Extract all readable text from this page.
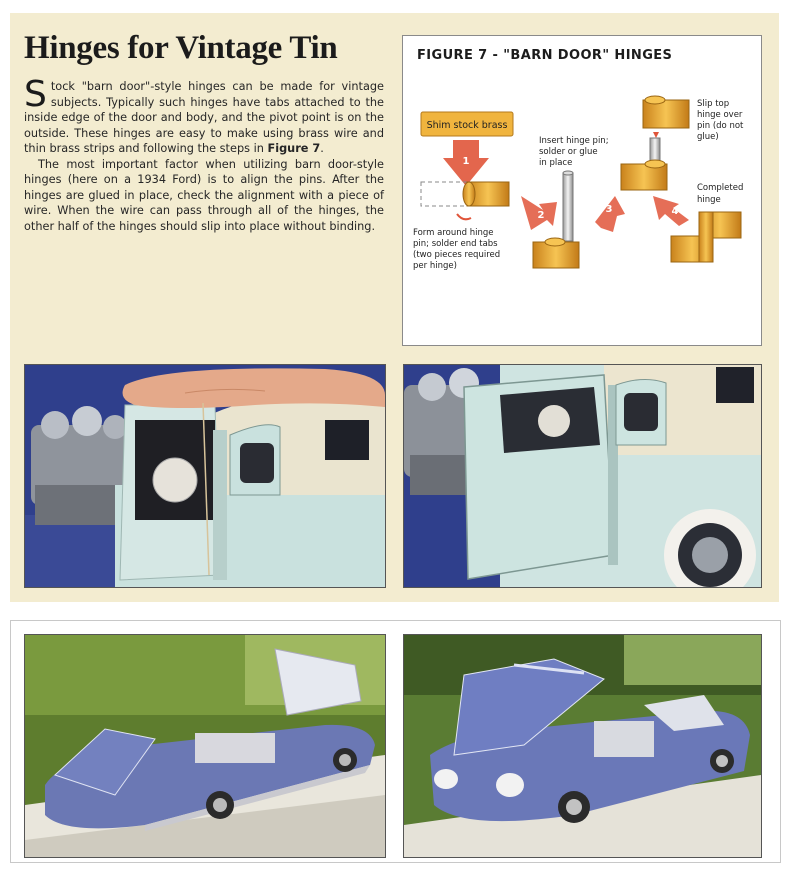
Hinges for Vintage Tin

Stock "barn door"-style hinges can be made for vintage subjects. Typically such hinges have tabs attached to the inside edge of the door and body, and the pivot point is on the outside. These hinges are easy to make using brass wire and thin brass strips and following the steps in Figure 7.

The most important factor when utilizing barn door-style hinges (here on a 1934 Ford) is to align the pins. After the hinges are glued in place, check the alignment with a piece of wire. When the wire can pass through all of the hinges, the other half of the hinges should slip into place without binding.

FIGURE 7 - "BARN DOOR" HINGES
Shim stock brass
1
Form around hinge pin; solder end tabs (two pieces required per hinge)
2
Insert hinge pin; solder or glue in place
3
Slip top hinge over pin (do not glue)
4
Completed hinge
